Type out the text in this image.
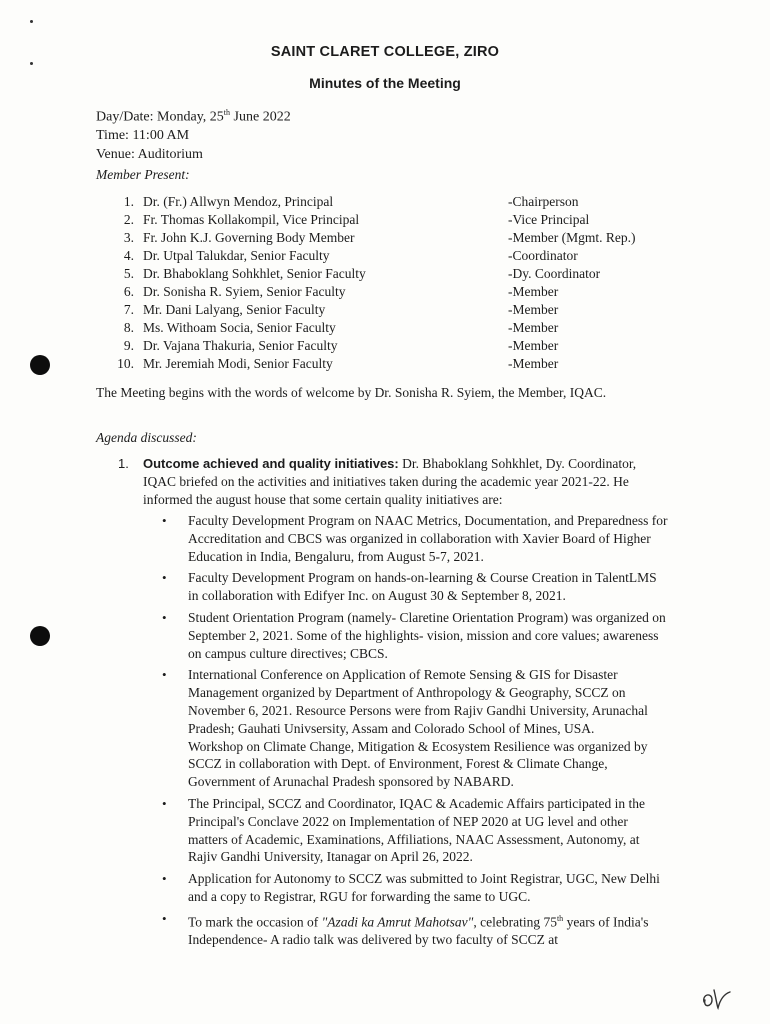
SAINT CLARET COLLEGE, ZIRO
Minutes of the Meeting
Day/Date: Monday, 25th June 2022
Time: 11:00 AM
Venue: Auditorium
Member Present:
1. Dr. (Fr.) Allwyn Mendoz, Principal	-Chairperson
2. Fr. Thomas Kollakompil, Vice Principal	-Vice Principal
3. Fr. John K.J. Governing Body Member	-Member (Mgmt. Rep.)
4. Dr. Utpal Talukdar, Senior Faculty	-Coordinator
5. Dr. Bhaboklang Sohkhlet, Senior Faculty	-Dy. Coordinator
6. Dr. Sonisha R. Syiem, Senior Faculty	-Member
7. Mr. Dani Lalyang, Senior Faculty	-Member
8. Ms. Withoam Socia, Senior Faculty	-Member
9. Dr. Vajana Thakuria, Senior Faculty	-Member
10. Mr. Jeremiah Modi, Senior Faculty	-Member
The Meeting begins with the words of welcome by Dr. Sonisha R. Syiem, the Member, IQAC.
Agenda discussed:
1. Outcome achieved and quality initiatives: Dr. Bhaboklang Sohkhlet, Dy. Coordinator, IQAC briefed on the activities and initiatives taken during the academic year 2021-22. He informed the august house that some certain quality initiatives are:
• Faculty Development Program on NAAC Metrics, Documentation, and Preparedness for Accreditation and CBCS was organized in collaboration with Xavier Board of Higher Education in India, Bengaluru, from August 5-7, 2021.
• Faculty Development Program on hands-on-learning & Course Creation in TalentLMS in collaboration with Edifyer Inc. on August 30 & September 8, 2021.
• Student Orientation Program (namely- Claretine Orientation Program) was organized on September 2, 2021. Some of the highlights- vision, mission and core values; awareness on campus culture directives; CBCS.
• International Conference on Application of Remote Sensing & GIS for Disaster Management organized by Department of Anthropology & Geography, SCCZ on November 6, 2021. Resource Persons were from Rajiv Gandhi University, Arunachal Pradesh; Gauhati Univsersity, Assam and Colorado School of Mines, USA.
Workshop on Climate Change, Mitigation & Ecosystem Resilience was organized by SCCZ in collaboration with Dept. of Environment, Forest & Climate Change, Government of Arunachal Pradesh sponsored by NABARD.
• The Principal, SCCZ and Coordinator, IQAC & Academic Affairs participated in the Principal's Conclave 2022 on Implementation of NEP 2020 at UG level and other matters of Academic, Examinations, Affiliations, NAAC Assessment, Autonomy, at Rajiv Gandhi University, Itanagar on April 26, 2022.
• Application for Autonomy to SCCZ was submitted to Joint Registrar, UGC, New Delhi and a copy to Registrar, RGU for forwarding the same to UGC.
• To mark the occasion of "Azadi ka Amrut Mahotsav", celebrating 75th years of India's Independence- A radio talk was delivered by two faculty of SCCZ at
